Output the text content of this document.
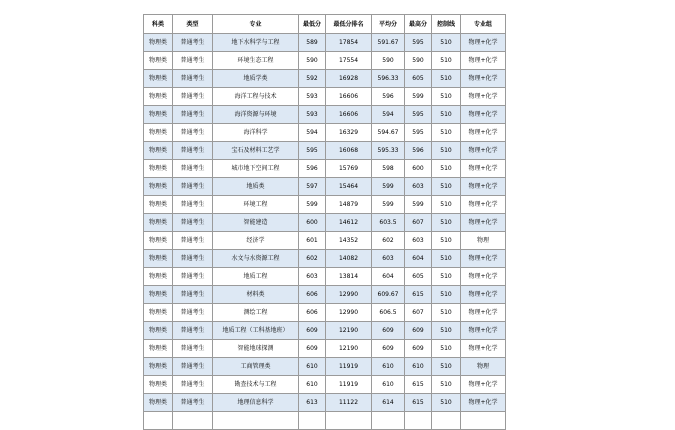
科类	类型	专业	最低分	最低分排名	平均分	最高分	控制线	专业组
物理类	普通考生	地下水科学与工程	589	17854	591.67	595	510	物理+化学
物理类	普通考生	环境生态工程	590	17554	590	590	510	物理+化学
物理类	普通考生	地质学类	592	16928	596.33	605	510	物理+化学
物理类	普通考生	海洋工程与技术	593	16606	596	599	510	物理+化学
物理类	普通考生	海洋资源与环境	593	16606	594	595	510	物理+化学
物理类	普通考生	海洋科学	594	16329	594.67	595	510	物理+化学
物理类	普通考生	宝石及材料工艺学	595	16068	595.33	596	510	物理+化学
物理类	普通考生	城市地下空间工程	596	15769	598	600	510	物理+化学
物理类	普通考生	地质类	597	15464	599	603	510	物理+化学
物理类	普通考生	环境工程	599	14879	599	599	510	物理+化学
物理类	普通考生	智能建造	600	14612	603.5	607	510	物理+化学
物理类	普通考生	经济学	601	14352	602	603	510	物理
物理类	普通考生	水文与水资源工程	602	14082	603	604	510	物理+化学
物理类	普通考生	地质工程	603	13814	604	605	510	物理+化学
物理类	普通考生	材料类	606	12990	609.67	615	510	物理+化学
物理类	普通考生	测绘工程	606	12990	606.5	607	510	物理+化学
物理类	普通考生	地质工程（工科基地班）	609	12190	609	609	510	物理+化学
物理类	普通考生	智能地球探测	609	12190	609	609	510	物理+化学
物理类	普通考生	工商管理类	610	11919	610	610	510	物理
物理类	普通考生	勘查技术与工程	610	11919	610	615	510	物理+化学
物理类	普通考生	地理信息科学	613	11122	614	615	510	物理+化学
